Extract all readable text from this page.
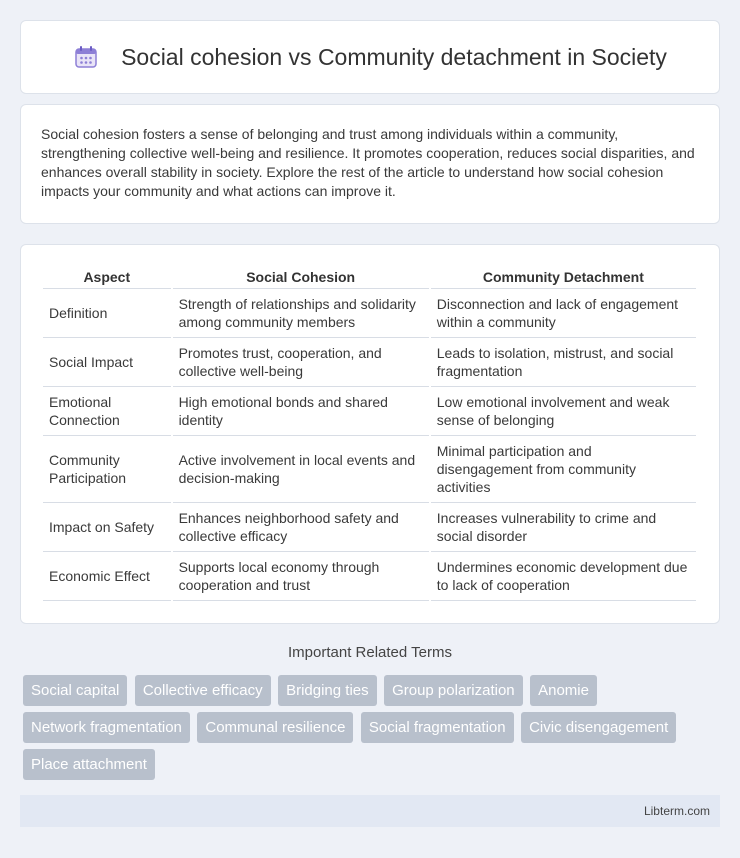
Social cohesion vs Community detachment in Society

Social cohesion fosters a sense of belonging and trust among individuals within a community, strengthening collective well-being and resilience. It promotes cooperation, reduces social disparities, and enhances overall stability in society. Explore the rest of the article to understand how social cohesion impacts your community and what actions can improve it.

Aspect	Social Cohesion	Community Detachment
Definition	Strength of relationships and solidarity among community members	Disconnection and lack of engagement within a community
Social Impact	Promotes trust, cooperation, and collective well-being	Leads to isolation, mistrust, and social fragmentation
Emotional Connection	High emotional bonds and shared identity	Low emotional involvement and weak sense of belonging
Community Participation	Active involvement in local events and decision-making	Minimal participation and disengagement from community activities
Impact on Safety	Enhances neighborhood safety and collective efficacy	Increases vulnerability to crime and social disorder
Economic Effect	Supports local economy through cooperation and trust	Undermines economic development due to lack of cooperation
Important Related Terms
Social capital Collective efficacy Bridging ties Group polarization Anomie Network fragmentation Communal resilience Social fragmentation Civic disengagement Place attachment
Libterm.com
